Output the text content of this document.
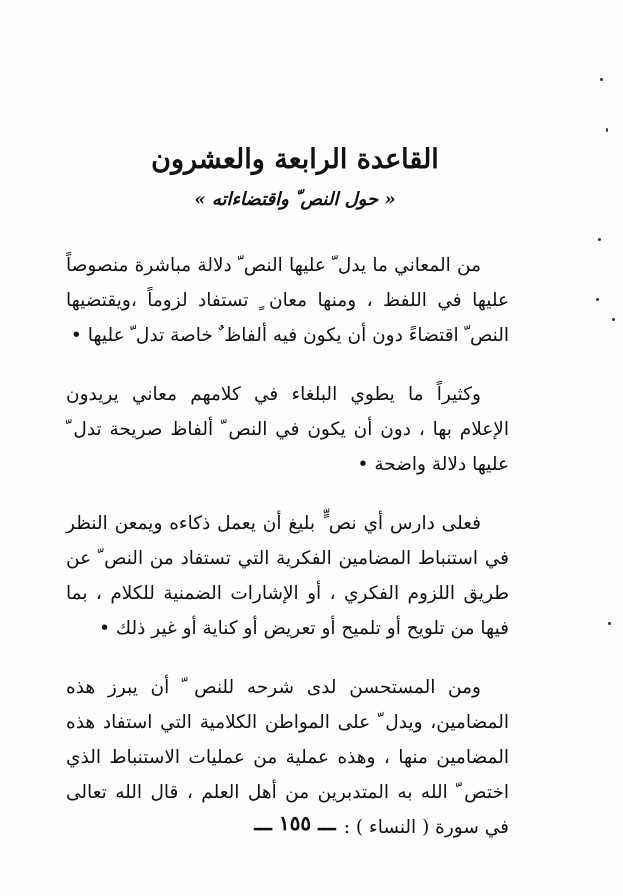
القاعدة الرابعة والعشرون
« حول النص ّ واقتضاءاته »

من المعاني ما يدل ّ عليها النص ّ دلالة مباشرة منصوصاً عليها في اللفظ ، ومنها معان ٍ تستفاد لزوماً ،ويقتضيها النص ّ اقتضاءً دون أن يكون فيه ألفاظ ٌ خاصة تدل ّ عليها •

وكثيراً ما يطوي البلغاء في كلامهم معاني يريدون الإعلام بها ، دون أن يكون في النص ّ ألفاظ صريحة تدل ّ عليها دلالة واضحة •

فعلى دارس أي نص ٍّ بليغ أن يعمل ذكاءه ويمعن النظر في استنباط المضامين الفكرية التي تستفاد من النص ّ عن طريق اللزوم الفكري ، أو الإشارات الضمنية للكلام ، بما فيها من تلويح أو تلميح أو تعريض أو كناية أو غير ذلك •

ومن المستحسن لدى شرحه للنص ّ أن يبرز هذه المضامين، ويدل ّ على المواطن الكلامية التي استفاد هذه المضامين منها ، وهذه عملية من عمليات الاستنباط الذي اختص ّ الله به المتدبرين من أهل العلم ، قال الله تعالى في سورة ( النساء ) :

ـــ ١٥٥ ـــ
